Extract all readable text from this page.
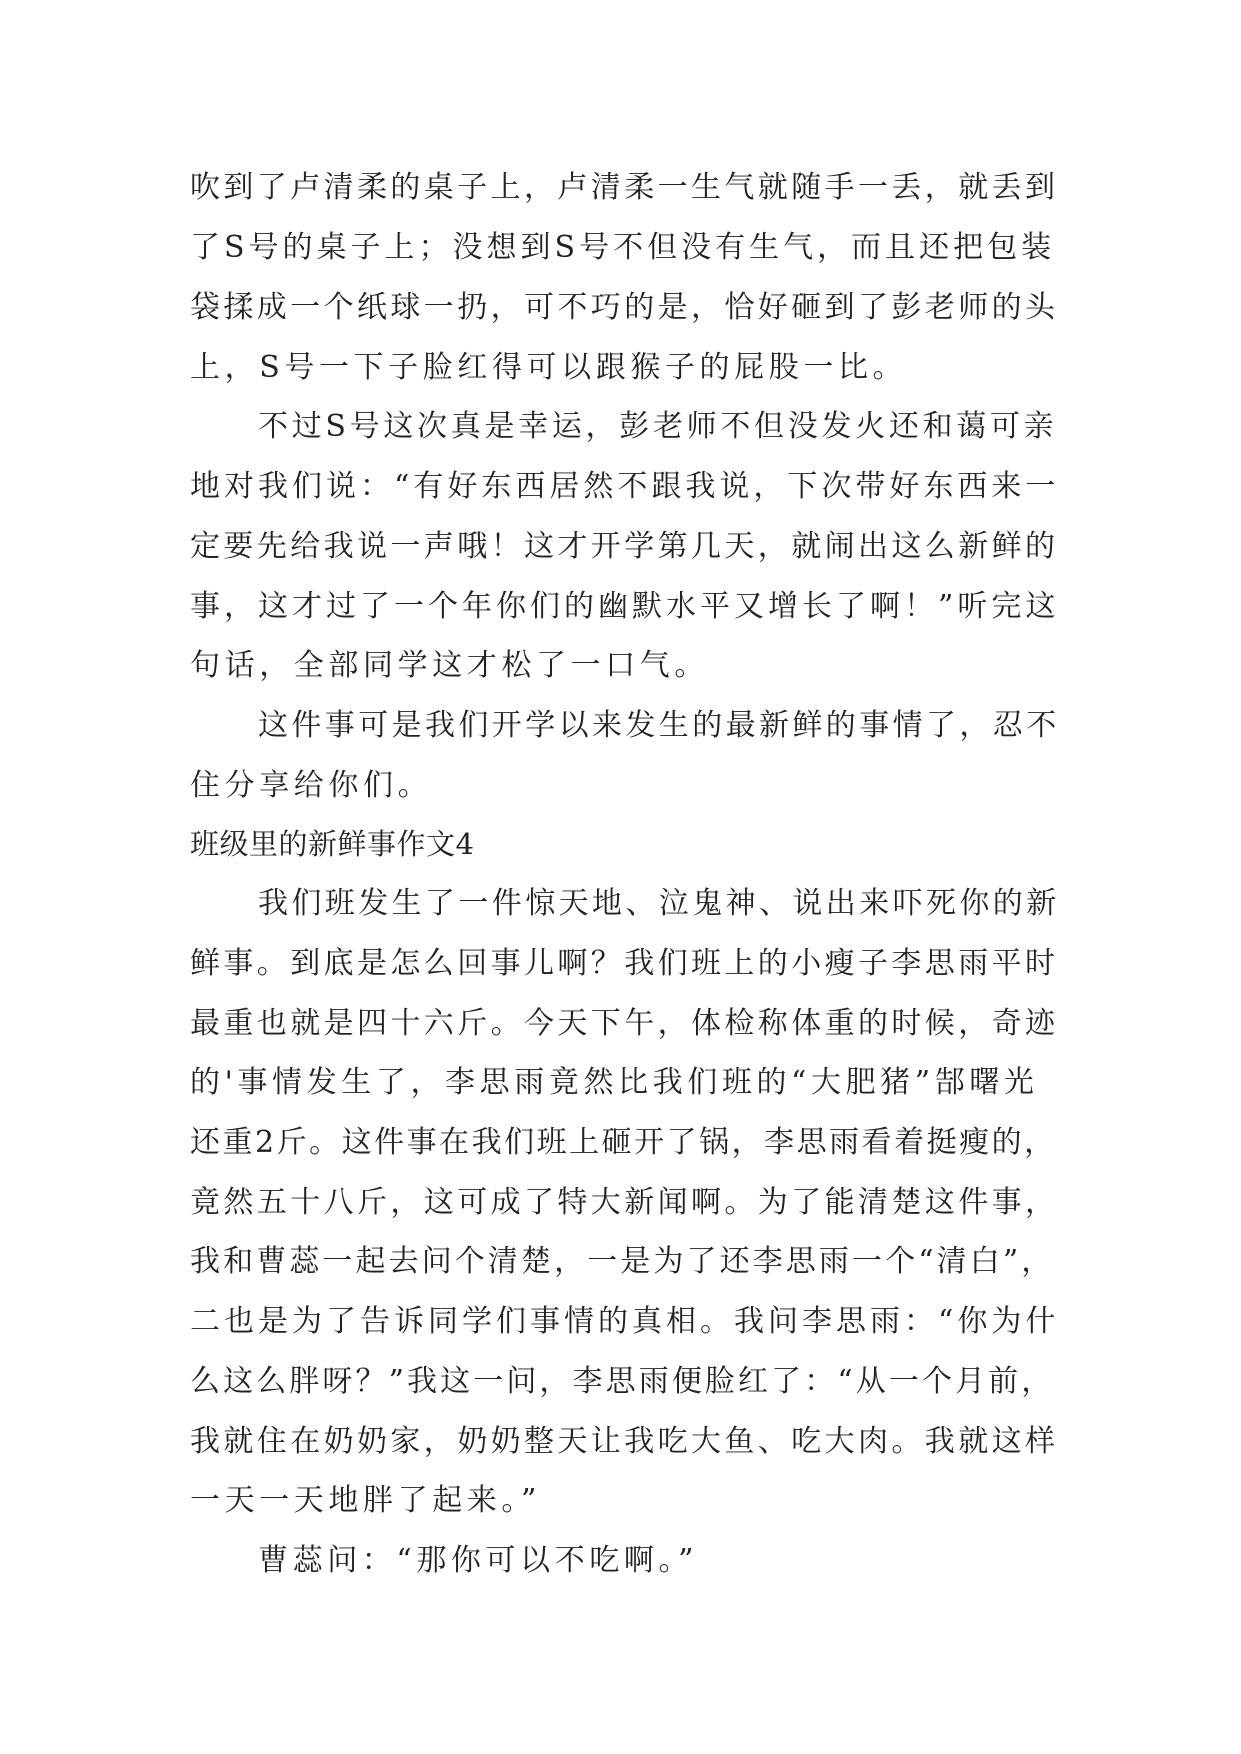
吹到了卢清柔的桌子上，卢清柔一生气就随手一丢，就丢到

了S号的桌子上；没想到S号不但没有生气，而且还把包装

袋揉成一个纸球一扔，可不巧的是，恰好砸到了彭老师的头

上，S号一下子脸红得可以跟猴子的屁股一比。

不过S号这次真是幸运，彭老师不但没发火还和蔼可亲

地对我们说：“有好东西居然不跟我说，下次带好东西来一

定要先给我说一声哦！这才开学第几天，就闹出这么新鲜的

事，这才过了一个年你们的幽默水平又增长了啊！”听完这

句话，全部同学这才松了一口气。

这件事可是我们开学以来发生的最新鲜的事情了，忍不

住分享给你们。

班级里的新鲜事作文4

我们班发生了一件惊天地、泣鬼神、说出来吓死你的新

鲜事。到底是怎么回事儿啊？我们班上的小瘦子李思雨平时

最重也就是四十六斤。今天下午，体检称体重的时候，奇迹

的'事情发生了，李思雨竟然比我们班的“大肥猪”郜曙光

还重2斤。这件事在我们班上砸开了锅，李思雨看着挺瘦的，

竟然五十八斤，这可成了特大新闻啊。为了能清楚这件事，

我和曹蕊一起去问个清楚，一是为了还李思雨一个“清白”，

二也是为了告诉同学们事情的真相。我问李思雨：“你为什

么这么胖呀？”我这一问，李思雨便脸红了：“从一个月前，

我就住在奶奶家，奶奶整天让我吃大鱼、吃大肉。我就这样

一天一天地胖了起来。”

曹蕊问：“那你可以不吃啊。”
